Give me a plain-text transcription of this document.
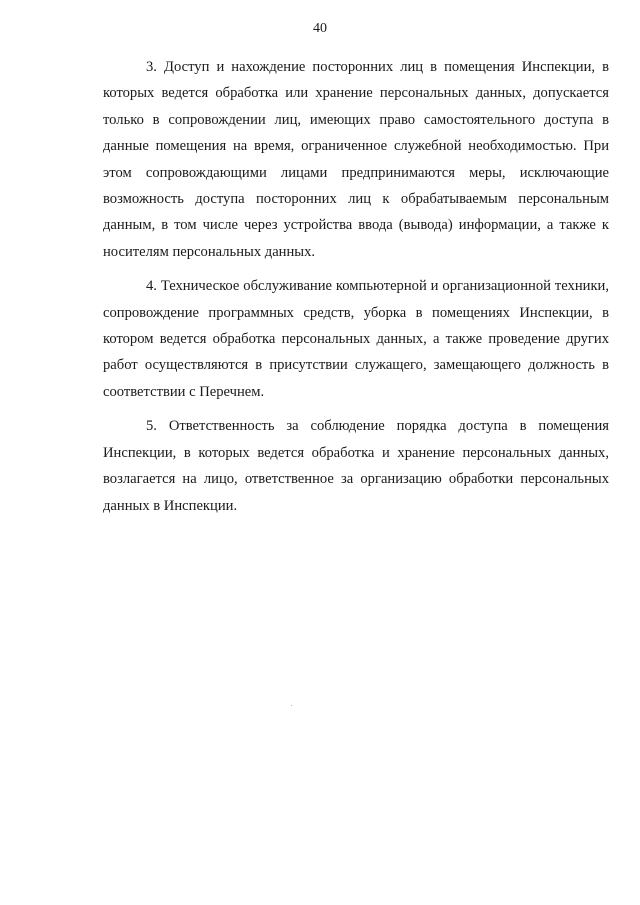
40

3. Доступ и нахождение посторонних лиц в помещения Инспекции, в которых ведется обработка или хранение персональных данных, допускается только в сопровождении лиц, имеющих право самостоятельного доступа в данные помещения на время, ограниченное служебной необходимостью. При этом сопровождающими лицами предпринимаются меры, исключающие возможность доступа посторонних лиц к обрабатываемым персональным данным, в том числе через устройства ввода (вывода) информации, а также к носителям персональных данных.

4. Техническое обслуживание компьютерной и организационной техники, сопровождение программных средств, уборка в помещениях Инспекции, в котором ведется обработка персональных данных, а также проведение других работ осуществляются в присутствии служащего, замещающего должность в соответствии с Перечнем.

5. Ответственность за соблюдение порядка доступа в помещения Инспекции, в которых ведется обработка и хранение персональных данных, возлагается на лицо, ответственное за организацию обработки персональных данных в Инспекции.
